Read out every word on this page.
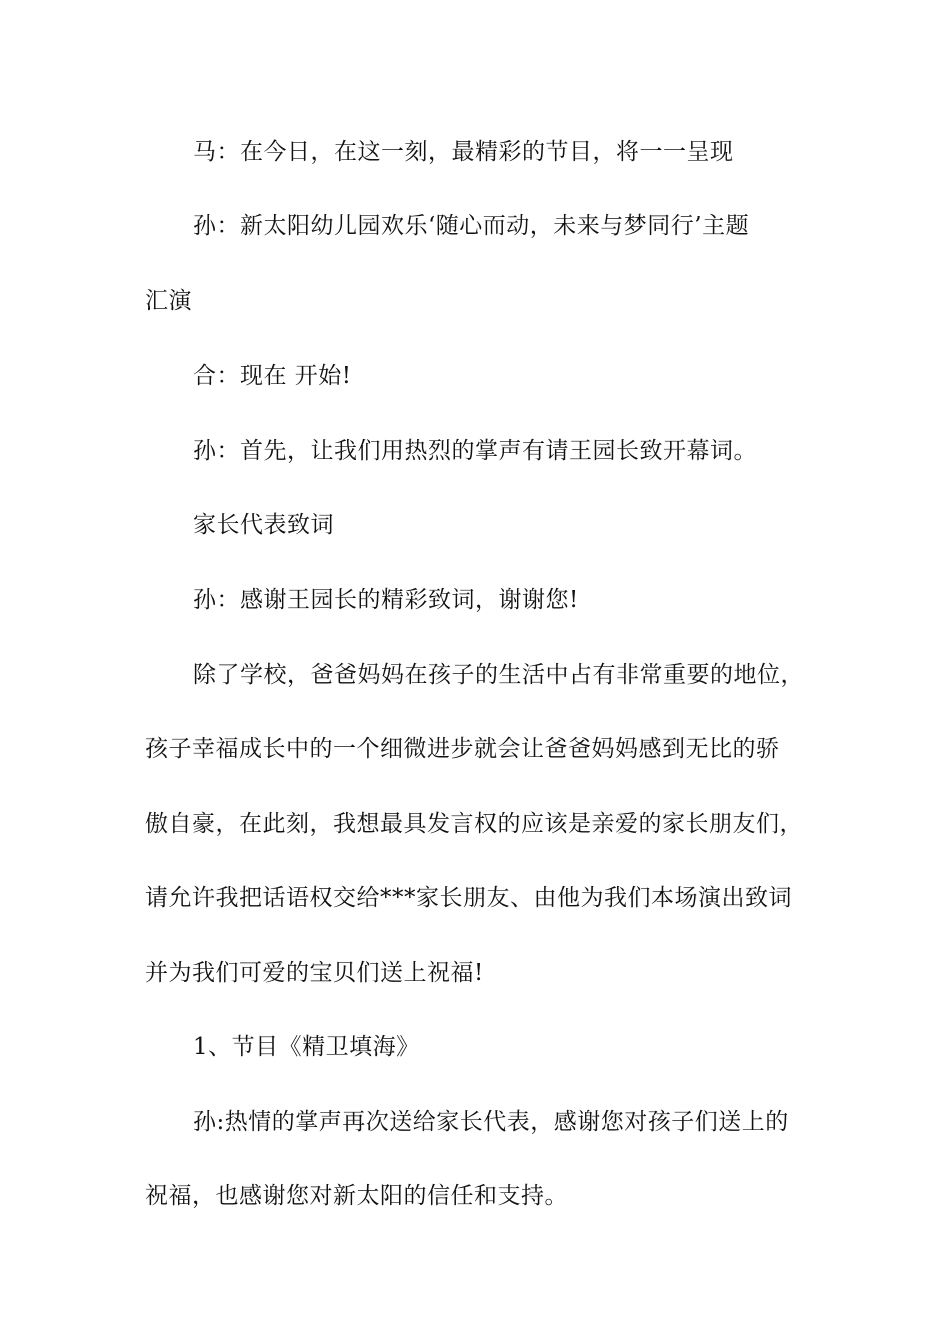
马：在今日，在这一刻，最精彩的节目，将一一呈现
孙：新太阳幼儿园欢乐‘随心而动，未来与梦同行’主题
汇演
合：现在 开始!
孙：首先，让我们用热烈的掌声有请王园长致开幕词。
家长代表致词
孙：感谢王园长的精彩致词，谢谢您!
除了学校，爸爸妈妈在孩子的生活中占有非常重要的地位，
孩子幸福成长中的一个细微进步就会让爸爸妈妈感到无比的骄
傲自豪，在此刻，我想最具发言权的应该是亲爱的家长朋友们，
请允许我把话语权交给***家长朋友、由他为我们本场演出致词
并为我们可爱的宝贝们送上祝福!
1、节目《精卫填海》
孙:热情的掌声再次送给家长代表，感谢您对孩子们送上的
祝福，也感谢您对新太阳的信任和支持。
